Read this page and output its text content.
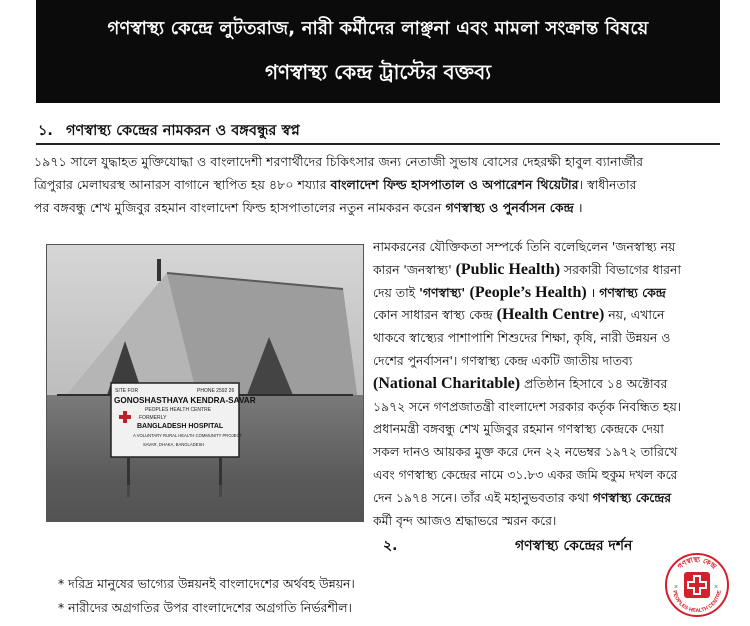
গণস্বাস্থ্য কেন্দ্রে লুটতরাজ, নারী কর্মীদের লাঞ্ছনা এবং মামলা সংক্রান্ত বিষয়ে
গণস্বাস্থ্য কেন্দ্র ট্রাস্টের বক্তব্য
১. গণস্বাস্থ্য কেন্দ্রের নামকরন ও বঙ্গবন্ধুর স্বপ্ন
১৯৭১ সালে যুদ্ধাহত মুক্তিযোদ্ধা ও বাংলাদেশী শরণার্থীদের চিকিৎসার জন্য নেতাজী সুভাষ বোসের দেহরক্ষী হাবুল ব্যানার্জীর
ত্রিপুরার মেলাঘরস্থ আনারস বাগানে স্থাপিত হয় ৪৮০ শয্যার বাংলাদেশ ফিল্ড হাসপাতাল ও অপারেশন থিয়েটার। স্বাধীনতার
পর বঙ্গবন্ধু শেখ মুজিবুর রহমান বাংলাদেশ ফিল্ড হাসপাতালের নতুন নামকরন করেন গণস্বাস্থ্য ও পুনর্বাসন কেন্দ্র ।
SITE FOR	PHONE 2592 26
GONOSHASTHAYA KENDRA-SAVAR
PEOPLES HEALTH CENTRE
FORMERLY
BANGLADESH HOSPITAL
A VOLUNTARY RURAL HEALTH COMMUNITY PROJECT
SAVAR, DHAKA, BANGLADESH
নামকরনের যৌক্তিকতা সম্পর্কে তিনি বলেছিলেন 'জনস্বাস্থ্য নয়
কারন 'জনস্বাস্থ্য' (Public Health) সরকারী বিভাগের ধারনা
দেয় তাই 'গণস্বাস্থ্য' (People’s Health) । গণস্বাস্থ্য কেন্দ্র
কোন সাধারন স্বাস্থ্য কেন্দ্র (Health Centre) নয়, এখানে
থাকবে স্বাস্থ্যের পাশাপাশি শিশুদের শিক্ষা, কৃষি, নারী উন্নয়ন ও
দেশের পুনর্বাসন'। গণস্বাস্থ্য কেন্দ্র একটি জাতীয় দাতব্য
(National Charitable) প্রতিষ্ঠান হিসাবে ১৪ অক্টোবর
১৯৭২ সনে গণপ্রজাতন্ত্রী বাংলাদেশ সরকার কর্তৃক নিবন্ধিত হয়।
প্রধানমন্ত্রী বঙ্গবন্ধু শেখ মুজিবুর রহমান গণস্বাস্থ্য কেন্দ্রকে দেয়া
সকল দানও আয়কর মুক্ত করে দেন ২২ নভেম্বর ১৯৭২ তারিখে
এবং গণস্বাস্থ্য কেন্দ্রের নামে ৩১.৮৩ একর জমি হুকুম দখল করে
দেন ১৯৭৪ সনে। তাঁর এই মহানুভবতার কথা গণস্বাস্থ্য কেন্দ্রের
কর্মী বৃন্দ আজও শ্রদ্ধাভরে স্মরন করে।
২.	গণস্বাস্থ্য কেন্দ্রের দর্শন
* দরিদ্র মানুষের ভাগ্যের উন্নয়নই বাংলাদেশের অর্থবহ উন্নয়ন।
* নারীদের অগ্রগতির উপর বাংলাদেশের অগ্রগতি নির্ভরশীল।
গণস্বাস্থ্য কেন্দ্র
PEOPLES HEALTH CENTRE
×	×
